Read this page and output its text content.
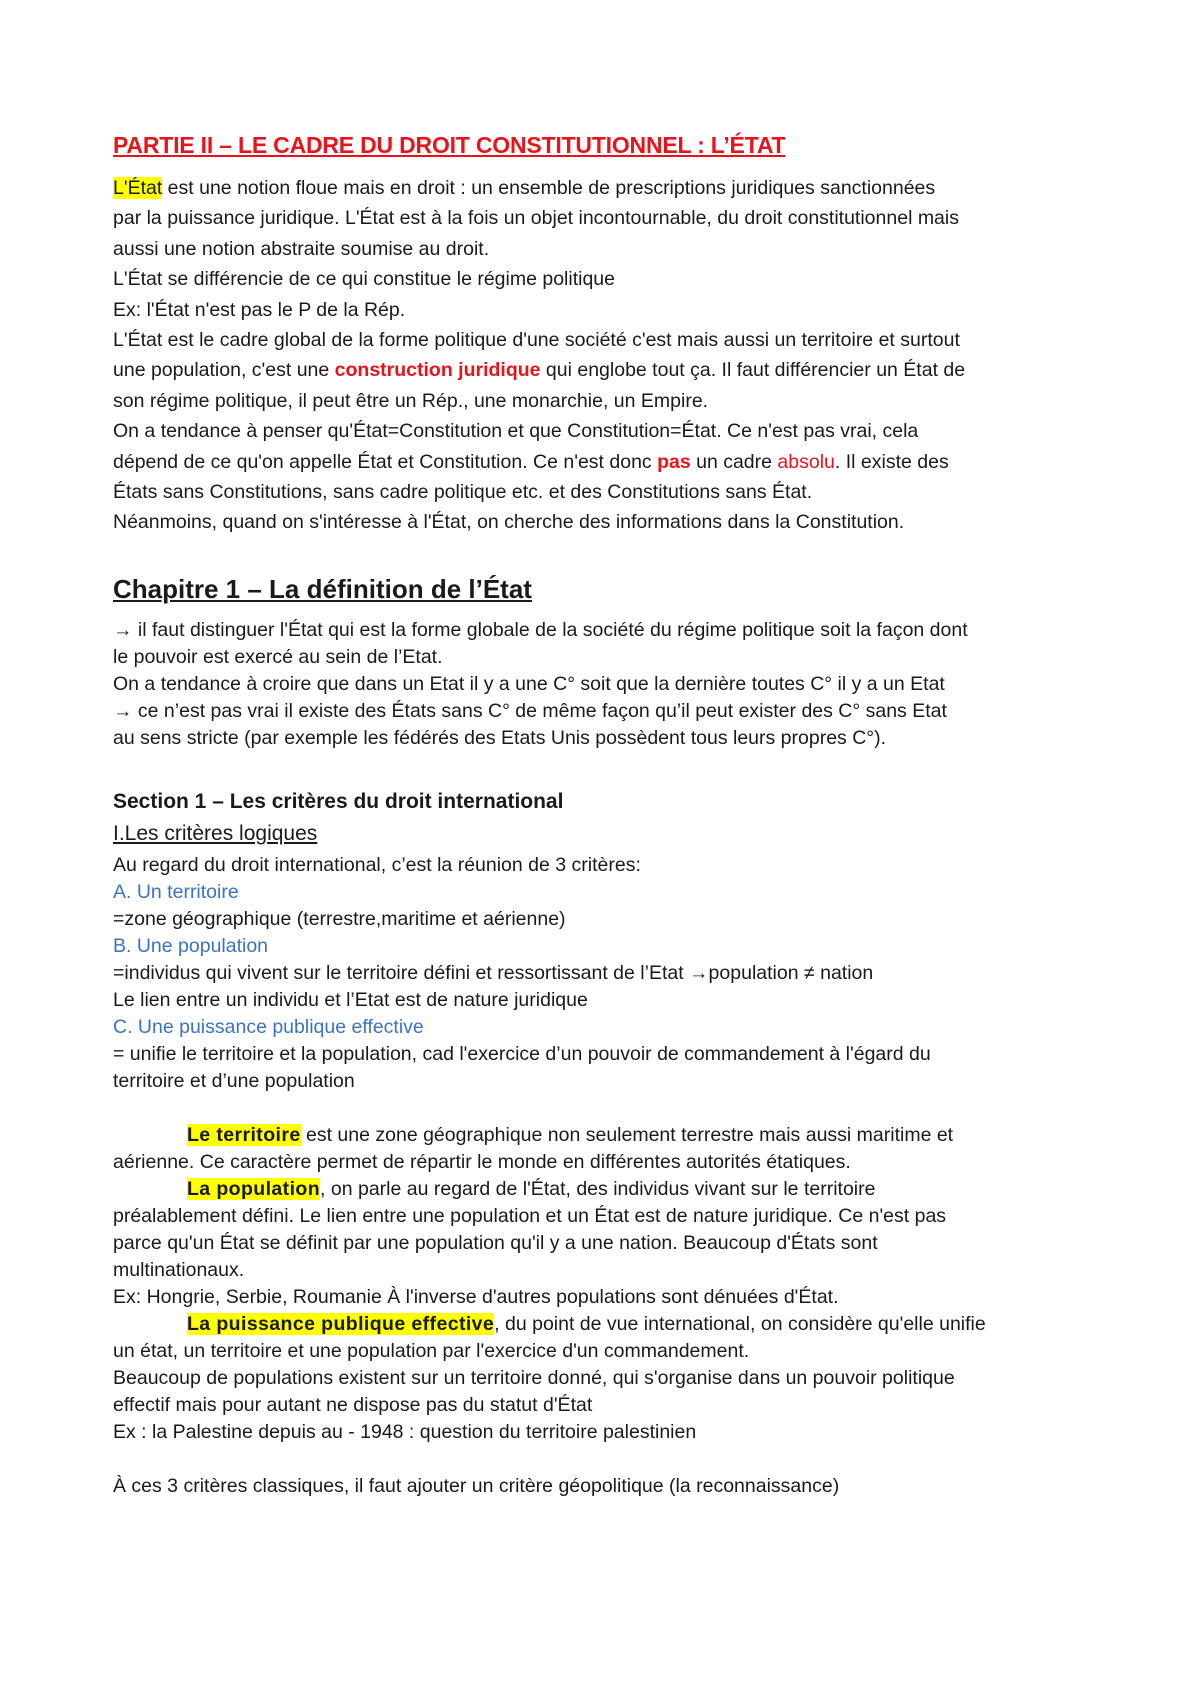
PARTIE II – LE CADRE DU DROIT CONSTITUTIONNEL : L’ÉTAT
L'État est une notion floue mais en droit : un ensemble de prescriptions juridiques sanctionnées
par la puissance juridique. L'État est à la fois un objet incontournable, du droit constitutionnel mais
aussi une notion abstraite soumise au droit.
L'État se différencie de ce qui constitue le régime politique
Ex: l'État n'est pas le P de la Rép.
L'État est le cadre global de la forme politique d'une société c'est mais aussi un territoire et surtout
une population, c'est une construction juridique qui englobe tout ça. Il faut différencier un État de
son régime politique, il peut être un Rép., une monarchie, un Empire.
On a tendance à penser qu'État=Constitution et que Constitution=État. Ce n'est pas vrai, cela
dépend de ce qu'on appelle État et Constitution. Ce n'est donc pas un cadre absolu. Il existe des
États sans Constitutions, sans cadre politique etc. et des Constitutions sans État.
Néanmoins, quand on s'intéresse à l'État, on cherche des informations dans la Constitution.
Chapitre 1 – La définition de l’État
→ il faut distinguer l'État qui est la forme globale de la société du régime politique soit la façon dont
le pouvoir est exercé au sein de l’Etat.
On a tendance à croire que dans un Etat il y a une C° soit que la dernière toutes C° il y a un Etat
→ ce n’est pas vrai il existe des États sans C° de même façon qu’il peut exister des C° sans Etat
au sens stricte (par exemple les fédérés des Etats Unis possèdent tous leurs propres C°).
Section 1 – Les critères du droit international
I.Les critères logiques
Au regard du droit international, c’est la réunion de 3 critères:
A. Un territoire
=zone géographique (terrestre,maritime et aérienne)
B. Une population
=individus qui vivent sur le territoire défini et ressortissant de l’Etat →population ≠ nation
Le lien entre un individu et l’Etat est de nature juridique
C. Une puissance publique effective
= unifie le territoire et la population, cad l'exercice d’un pouvoir de commandement à l'égard du
territoire et d’une population
Le territoire est une zone géographique non seulement terrestre mais aussi maritime et
aérienne. Ce caractère permet de répartir le monde en différentes autorités étatiques.
La population, on parle au regard de l'État, des individus vivant sur le territoire
préalablement défini. Le lien entre une population et un État est de nature juridique. Ce n'est pas
parce qu'un État se définit par une population qu'il y a une nation. Beaucoup d'États sont
multinationaux.
Ex: Hongrie, Serbie, Roumanie À l'inverse d'autres populations sont dénuées d'État.
La puissance publique effective, du point de vue international, on considère qu'elle unifie
un état, un territoire et une population par l'exercice d'un commandement.
Beaucoup de populations existent sur un territoire donné, qui s'organise dans un pouvoir politique
effectif mais pour autant ne dispose pas du statut d'État
Ex : la Palestine depuis au - 1948 : question du territoire palestinien
À ces 3 critères classiques, il faut ajouter un critère géopolitique (la reconnaissance)
